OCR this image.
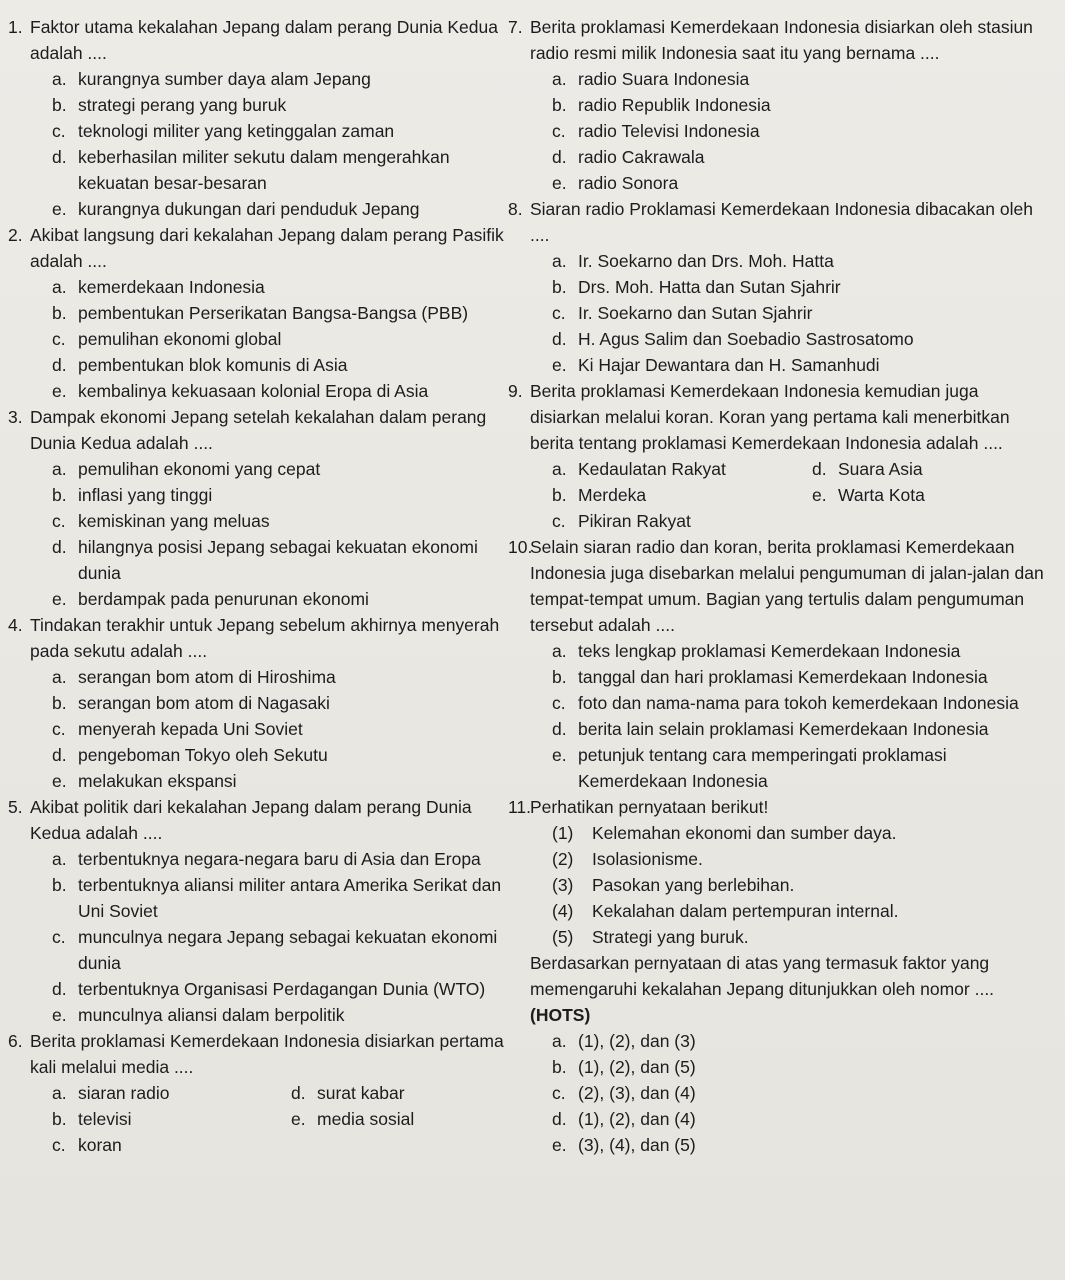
1. Faktor utama kekalahan Jepang dalam perang Dunia Kedua adalah ....
a. kurangnya sumber daya alam Jepang
b. strategi perang yang buruk
c. teknologi militer yang ketinggalan zaman
d. keberhasilan militer sekutu dalam mengerahkan kekuatan besar-besaran
e. kurangnya dukungan dari penduduk Jepang
2. Akibat langsung dari kekalahan Jepang dalam perang Pasifik adalah ....
a. kemerdekaan Indonesia
b. pembentukan Perserikatan Bangsa-Bangsa (PBB)
c. pemulihan ekonomi global
d. pembentukan blok komunis di Asia
e. kembalinya kekuasaan kolonial Eropa di Asia
3. Dampak ekonomi Jepang setelah kekalahan dalam perang Dunia Kedua adalah ....
a. pemulihan ekonomi yang cepat
b. inflasi yang tinggi
c. kemiskinan yang meluas
d. hilangnya posisi Jepang sebagai kekuatan ekonomi dunia
e. berdampak pada penurunan ekonomi
4. Tindakan terakhir untuk Jepang sebelum akhirnya menyerah pada sekutu adalah ....
a. serangan bom atom di Hiroshima
b. serangan bom atom di Nagasaki
c. menyerah kepada Uni Soviet
d. pengeboman Tokyo oleh Sekutu
e. melakukan ekspansi
5. Akibat politik dari kekalahan Jepang dalam perang Dunia Kedua adalah ....
a. terbentuknya negara-negara baru di Asia dan Eropa
b. terbentuknya aliansi militer antara Amerika Serikat dan Uni Soviet
c. munculnya negara Jepang sebagai kekuatan ekonomi dunia
d. terbentuknya Organisasi Perdagangan Dunia (WTO)
e. munculnya aliansi dalam berpolitik
6. Berita proklamasi Kemerdekaan Indonesia disiarkan pertama kali melalui media ....
a. siaran radio	d. surat kabar
b. televisi	e. media sosial
c. koran
7. Berita proklamasi Kemerdekaan Indonesia disiarkan oleh stasiun radio resmi milik Indonesia saat itu yang bernama ....
a. radio Suara Indonesia
b. radio Republik Indonesia
c. radio Televisi Indonesia
d. radio Cakrawala
e. radio Sonora
8. Siaran radio Proklamasi Kemerdekaan Indonesia dibacakan oleh ....
a. Ir. Soekarno dan Drs. Moh. Hatta
b. Drs. Moh. Hatta dan Sutan Sjahrir
c. Ir. Soekarno dan Sutan Sjahrir
d. H. Agus Salim dan Soebadio Sastrosatomo
e. Ki Hajar Dewantara dan H. Samanhudi
9. Berita proklamasi Kemerdekaan Indonesia kemudian juga disiarkan melalui koran. Koran yang pertama kali menerbitkan berita tentang proklamasi Kemerdekaan Indonesia adalah ....
a. Kedaulatan Rakyat	d. Suara Asia
b. Merdeka	e. Warta Kota
c. Pikiran Rakyat
10.
Selain siaran radio dan koran, berita proklamasi Kemerdekaan Indonesia juga disebarkan melalui pengumuman di jalan-jalan dan tempat-tempat umum. Bagian yang tertulis dalam pengumuman tersebut adalah ....
a. teks lengkap proklamasi Kemerdekaan Indonesia
b. tanggal dan hari proklamasi Kemerdekaan Indonesia
c. foto dan nama-nama para tokoh kemerdekaan Indonesia
d. berita lain selain proklamasi Kemerdekaan Indonesia
e. petunjuk tentang cara memperingati proklamasi Kemerdekaan Indonesia
11.
Perhatikan pernyataan berikut!
(1) Kelemahan ekonomi dan sumber daya.
(2) Isolasionisme.
(3) Pasokan yang berlebihan.
(4) Kekalahan dalam pertempuran internal.
(5) Strategi yang buruk.
Berdasarkan pernyataan di atas yang termasuk faktor yang memengaruhi kekalahan Jepang ditunjukkan oleh nomor .... (HOTS)
a. (1), (2), dan (3)
b. (1), (2), dan (5)
c. (2), (3), dan (4)
d. (1), (2), dan (4)
e. (3), (4), dan (5)
